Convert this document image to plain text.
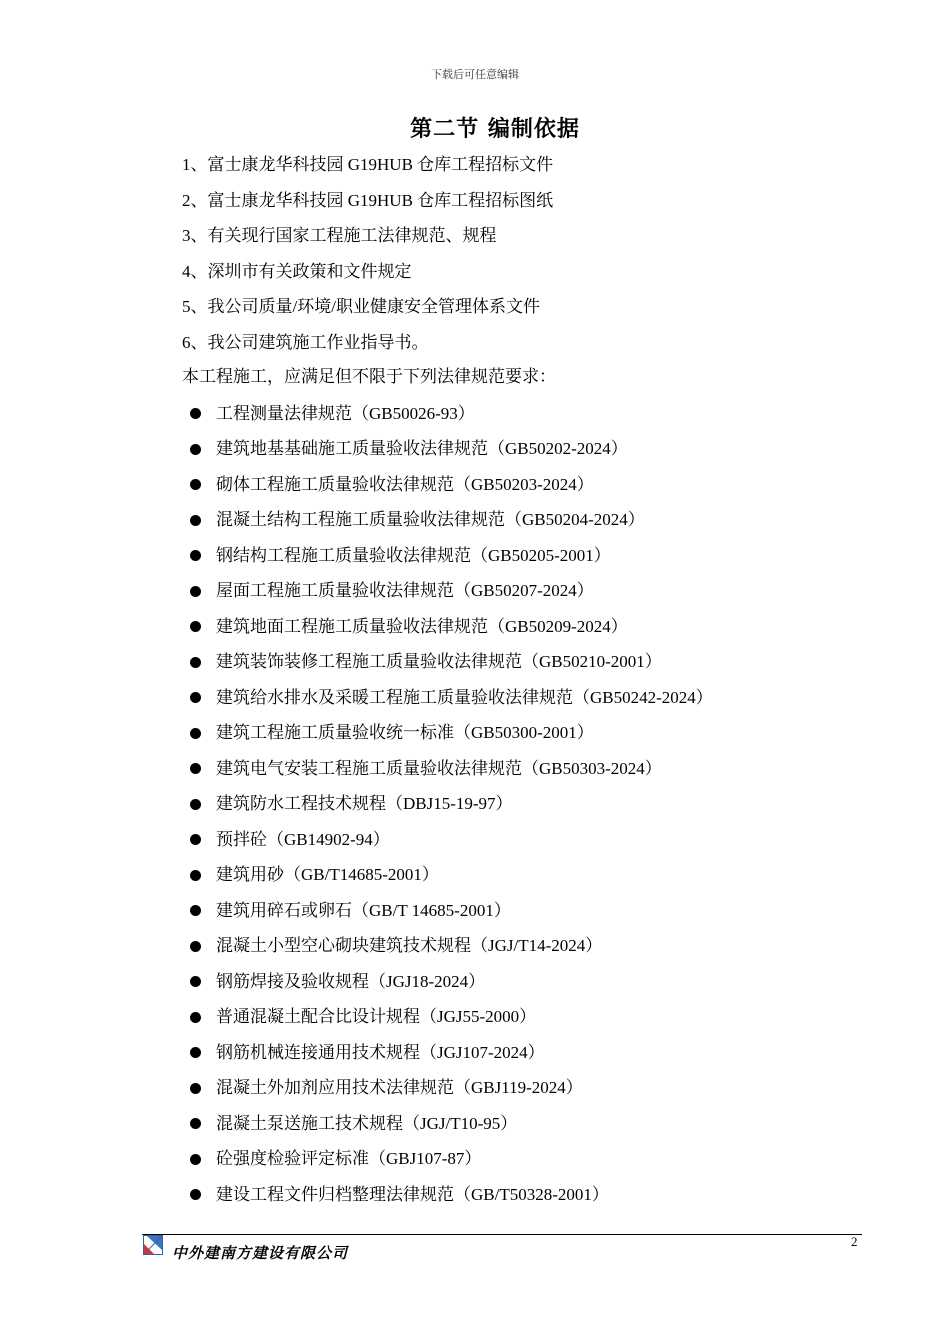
下载后可任意编辑
第二节 编制依据
1、富士康龙华科技园 G19HUB 仓库工程招标文件
2、富士康龙华科技园 G19HUB 仓库工程招标图纸
3、有关现行国家工程施工法律规范、规程
4、深圳市有关政策和文件规定
5、我公司质量/环境/职业健康安全管理体系文件
6、我公司建筑施工作业指导书。
本工程施工，应满足但不限于下列法律规范要求：
工程测量法律规范（GB50026-93）
建筑地基基础施工质量验收法律规范（GB50202-2024）
砌体工程施工质量验收法律规范（GB50203-2024）
混凝土结构工程施工质量验收法律规范（GB50204-2024）
钢结构工程施工质量验收法律规范（GB50205-2001）
屋面工程施工质量验收法律规范（GB50207-2024）
建筑地面工程施工质量验收法律规范（GB50209-2024）
建筑装饰装修工程施工质量验收法律规范（GB50210-2001）
建筑给水排水及采暖工程施工质量验收法律规范（GB50242-2024）
建筑工程施工质量验收统一标准（GB50300-2001）
建筑电气安装工程施工质量验收法律规范（GB50303-2024）
建筑防水工程技术规程（DBJ15-19-97）
预拌砼（GB14902-94）
建筑用砂（GB/T14685-2001）
建筑用碎石或卵石（GB/T 14685-2001）
混凝土小型空心砌块建筑技术规程（JGJ/T14-2024）
钢筋焊接及验收规程（JGJ18-2024）
普通混凝土配合比设计规程（JGJ55-2000）
钢筋机械连接通用技术规程（JGJ107-2024）
混凝土外加剂应用技术法律规范（GBJ119-2024）
混凝土泵送施工技术规程（JGJ/T10-95）
砼强度检验评定标准（GBJ107-87）
建设工程文件归档整理法律规范（GB/T50328-2001）
2
中外建南方建设有限公司
